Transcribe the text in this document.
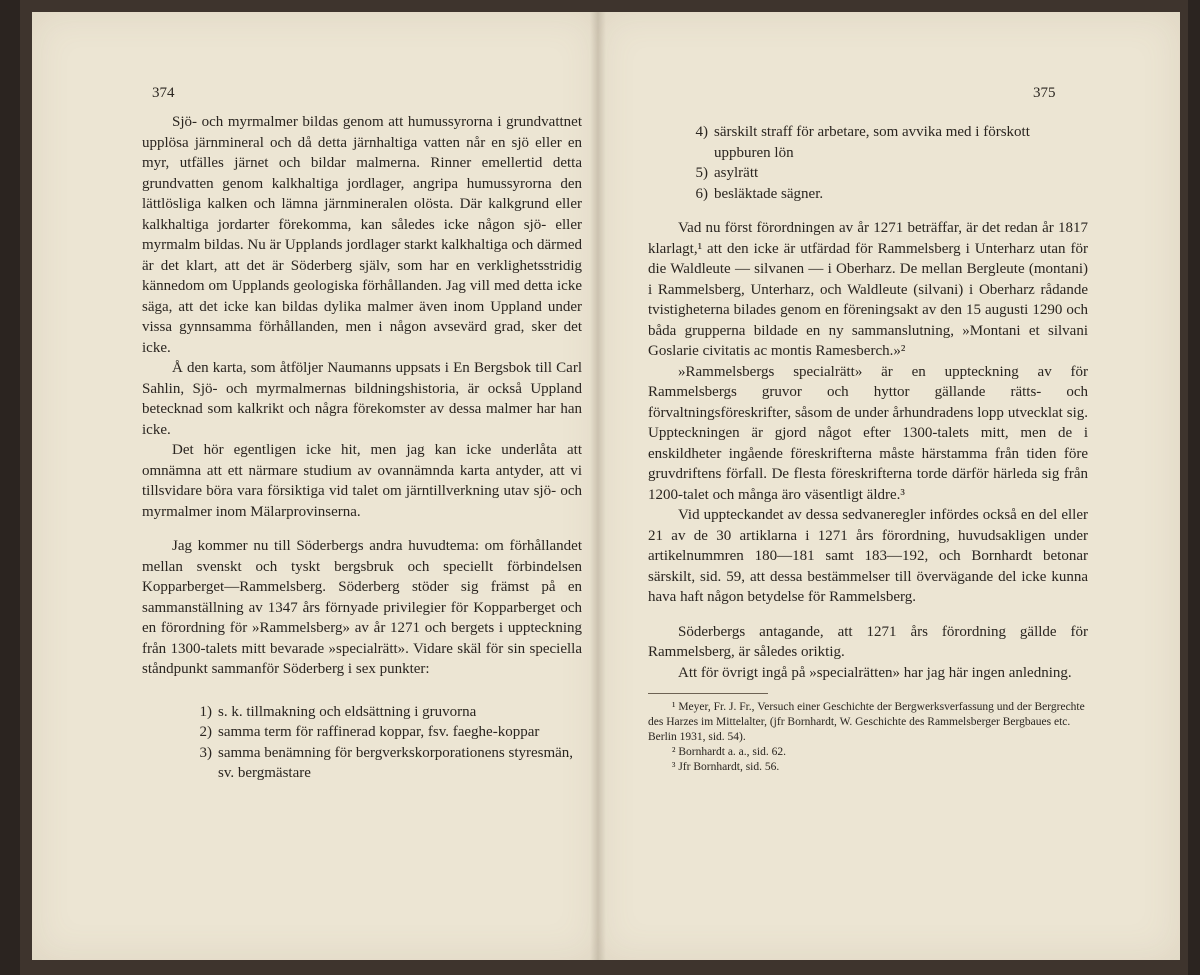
374

Sjö- och myrmalmer bildas genom att humussyrorna i grundvattnet upplösa järnmineral och då detta järnhaltiga vatten når en sjö eller en myr, utfälles järnet och bildar malmerna. Rinner emellertid detta grundvatten genom kalkhaltiga jordlager, angripa humussyrorna den lättlösliga kalken och lämna järnmineralen olösta. Där kalkgrund eller kalkhaltiga jordarter förekomma, kan således icke någon sjö- eller myrmalm bildas. Nu är Upplands jordlager starkt kalkhaltiga och därmed är det klart, att det är Söderberg själv, som har en verklighetsstridig kännedom om Upplands geologiska förhållanden. Jag vill med detta icke säga, att det icke kan bildas dylika malmer även inom Uppland under vissa gynnsamma förhållanden, men i någon avsevärd grad, sker det icke.

Å den karta, som åtföljer Naumanns uppsats i En Bergsbok till Carl Sahlin, Sjö- och myrmalmernas bildningshistoria, är också Uppland betecknad som kalkrikt och några förekomster av dessa malmer har han icke.

Det hör egentligen icke hit, men jag kan icke underlåta att omnämna att ett närmare studium av ovannämnda karta antyder, att vi tillsvidare böra vara försiktiga vid talet om järntillverkning utav sjö- och myrmalmer inom Mälarprovinserna.

Jag kommer nu till Söderbergs andra huvudtema: om förhållandet mellan svenskt och tyskt bergsbruk och speciellt förbindelsen Kopparberget—Rammelsberg. Söderberg stöder sig främst på en sammanställning av 1347 års förnyade privilegier för Kopparberget och en förordning för »Rammelsberg» av år 1271 och bergets i uppteckning från 1300-talets mitt bevarade »specialrätt». Vidare skäl för sin speciella ståndpunkt sammanför Söderberg i sex punkter:

1) s. k. tillmakning och eldsättning i gruvorna
2) samma term för raffinerad koppar, fsv. faeghe-koppar
3) samma benämning för bergverkskorporationens styresmän, sv. bergmästare
375
4) särskilt straff för arbetare, som avvika med i förskott uppburen lön
5) asylrätt
6) besläktade sägner.

Vad nu först förordningen av år 1271 beträffar, är det redan år 1817 klarlagt,¹ att den icke är utfärdad för Rammelsberg i Unterharz utan för die Waldleute — silvanen — i Oberharz. De mellan Bergleute (montani) i Rammelsberg, Unterharz, och Waldleute (silvani) i Oberharz rådande tvistigheterna bilades genom en föreningsakt av den 15 augusti 1290 och båda grupperna bildade en ny sammanslutning, »Montani et silvani Goslarie civitatis ac montis Ramesberch.»²

»Rammelsbergs specialrätt» är en uppteckning av för Rammelsbergs gruvor och hyttor gällande rätts- och förvaltningsföreskrifter, såsom de under århundradens lopp utvecklat sig. Uppteckningen är gjord något efter 1300-talets mitt, men de i enskildheter ingående föreskrifterna måste härstamma från tiden före gruvdriftens förfall. De flesta föreskrifterna torde därför härleda sig från 1200-talet och många äro väsentligt äldre.³

Vid uppteckandet av dessa sedvaneregler infördes också en del eller 21 av de 30 artiklarna i 1271 års förordning, huvudsakligen under artikelnummren 180—181 samt 183—192, och Bornhardt betonar särskilt, sid. 59, att dessa bestämmelser till övervägande del icke kunna hava haft någon betydelse för Rammelsberg.

Söderbergs antagande, att 1271 års förordning gällde för Rammelsberg, är således oriktig.

Att för övrigt ingå på »specialrätten» har jag här ingen anledning.

¹ Meyer, Fr. J. Fr., Versuch einer Geschichte der Bergwerksverfassung und der Bergrechte des Harzes im Mittelalter, (jfr Bornhardt, W. Geschichte des Rammelsberger Bergbaues etc. Berlin 1931, sid. 54).
² Bornhardt a. a., sid. 62.
³ Jfr Bornhardt, sid. 56.
